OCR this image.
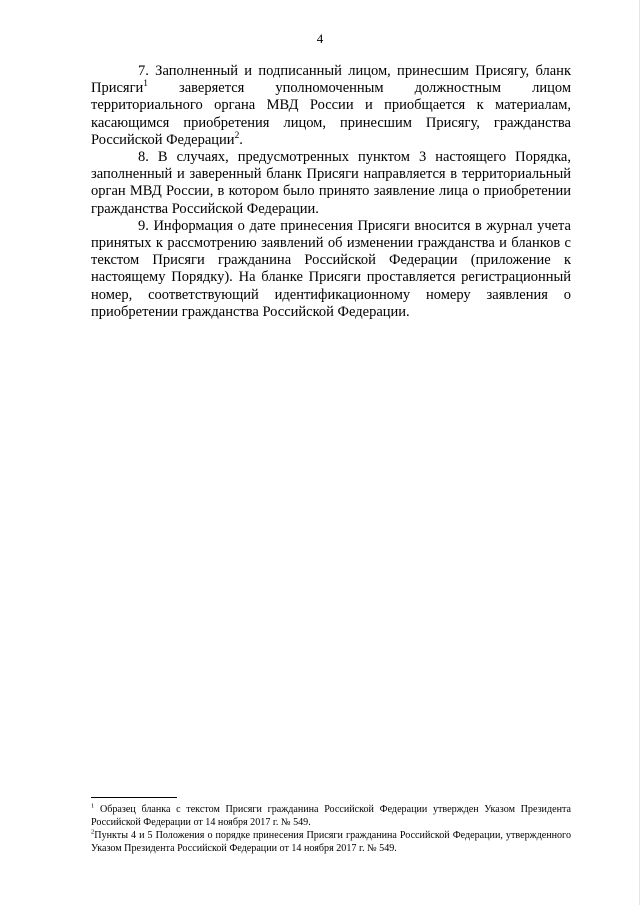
4

7. Заполненный и подписанный лицом, принесшим Присягу, бланк Присяги$^1$ заверяется уполномоченным должностным лицом территориального органа МВД России и приобщается к материалам, касающимся приобретения лицом, принесшим Присягу, гражданства Российской Федерации$^2$.

8. В случаях, предусмотренных пунктом 3 настоящего Порядка, заполненный и заверенный бланк Присяги направляется в территориальный орган МВД России, в котором было принято заявление лица о приобретении гражданства Российской Федерации.

9. Информация о дате принесения Присяги вносится в журнал учета принятых к рассмотрению заявлений об изменении гражданства и бланков с текстом Присяги гражданина Российской Федерации (приложение к настоящему Порядку). На бланке Присяги проставляется регистрационный номер, соответствующий идентификационному номеру заявления о приобретении гражданства Российской Федерации.

$^1$ Образец бланка с текстом Присяги гражданина Российской Федерации утвержден Указом Президента Российской Федерации от 14 ноября 2017 г. № 549.

$^2$Пункты 4 и 5 Положения о порядке принесения Присяги гражданина Российской Федерации, утвержденного Указом Президента Российской Федерации от 14 ноября 2017 г. № 549.
